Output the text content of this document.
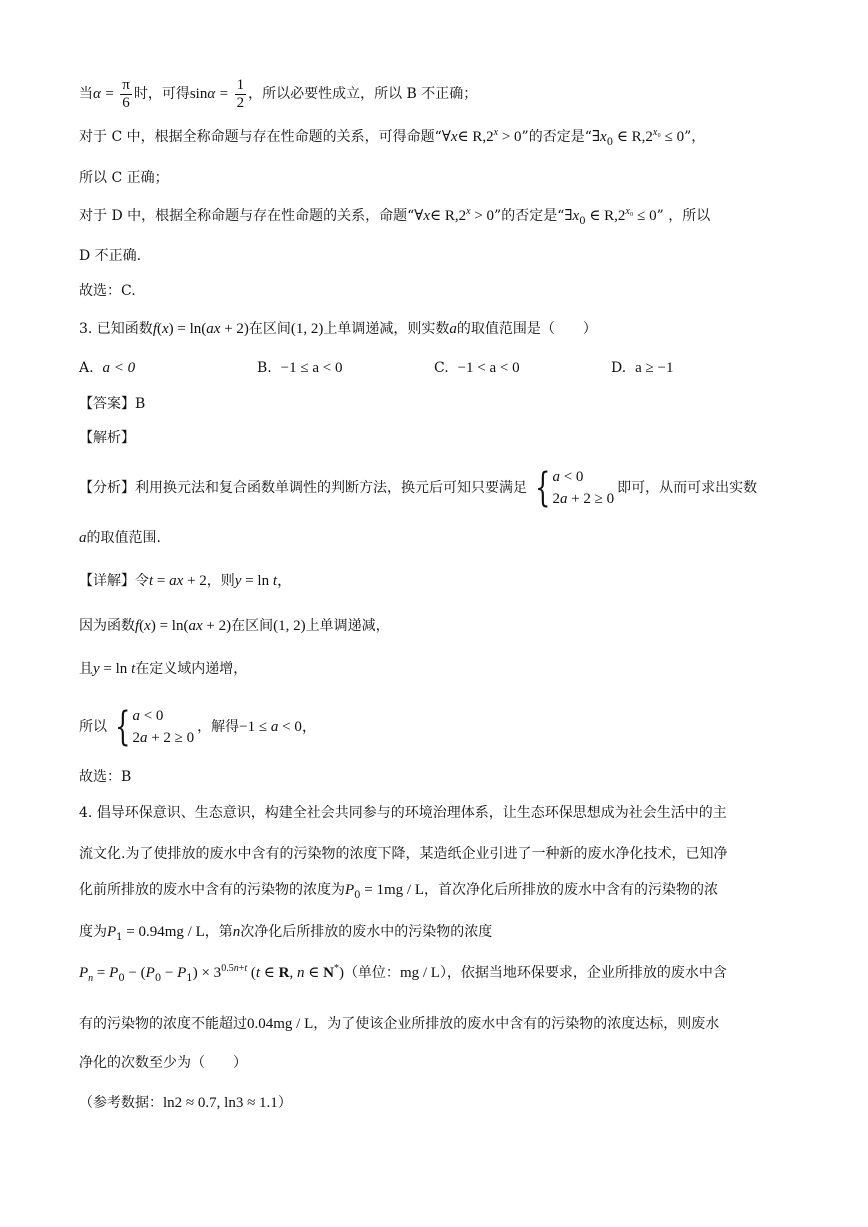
当$\alpha = \frac{\pi}{6}$ 时，可得$\sin\alpha = \frac{1}{2}$ ，所以必要性成立，所以 B 不正确；
对于 C 中，根据全称命题与存在性命题的关系，可得命题“∀x∈ $R,2^x > 0$”的否定是“$\exists x_0$ ∈ $R,2^{x_0} \le 0$”，
所以 C 正确；
对于 D 中，根据全称命题与存在性命题的关系，命题“∀x∈ $R,2^x > 0$”的否定是“$\exists x_0$ ∈ $R,2^{x_0} \le 0$” ，所以
D 不正确.
故选：C.
3. 已知函数f(x) = ln(ax + 2)在区间(1, 2)上单调递减，则实数a的取值范围是（　　）
A. a < 0	B. −1 ≤ a < 0	C. −1 < a < 0	D. a ≥ −1
【答案】B
【解析】
【分析】利用换元法和复合函数单调性的判断方法，换元后可知只要满足 { a < 0
2a + 2 ≥ 0
即可，从而可求出实数
a的取值范围.
【详解】令t = ax + 2，则y = ln t，
因为函数f(x) = ln(ax + 2)在区间(1, 2)上单调递减，
且y = ln t在定义域内递增，
所以 { a < 0
2a + 2 ≥ 0
，解得−1 ≤ a < 0，
故选：B
4. 倡导环保意识、生态意识，构建全社会共同参与的环境治理体系，让生态环保思想成为社会生活中的主
流文化.为了使排放的废水中含有的污染物的浓度下降，某造纸企业引进了一种新的废水净化技术，已知净
化前所排放的废水中含有的污染物的浓度为$P_0 = 1mg / L$，首次净化后所排放的废水中含有的污染物的浓
度为$P_1 = 0.94mg / L$，第n次净化后所排放的废水中的污染物的浓度
$P_n = P_0 - (P_0 - P_1) \times 3^{0.5n+t}$ (t ∈ R, n ∈ N*)（单位：mg / L），依据当地环保要求，企业所排放的废水中含
有的污染物的浓度不能超过0.04mg / L，为了使该企业所排放的废水中含有的污染物的浓度达标，则废水
净化的次数至少为（　　）
（参考数据：ln2 ≈ 0.7, ln3 ≈ 1.1）
